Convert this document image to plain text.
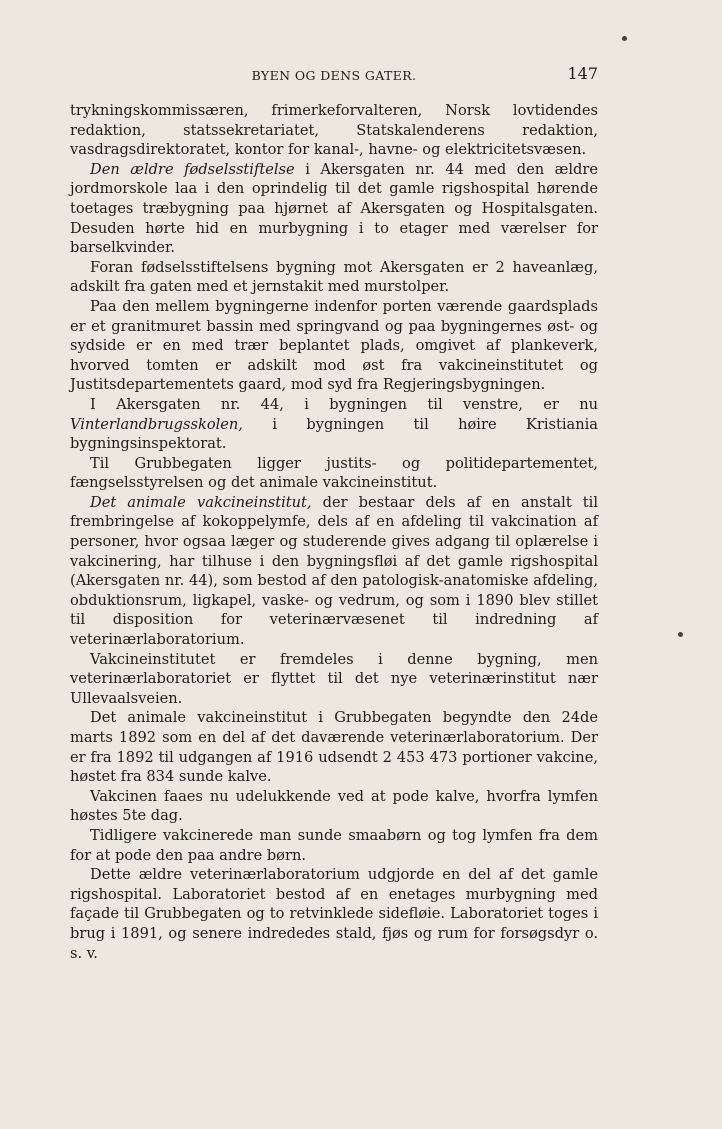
BYEN OG DENS GATER.	147

trykningskommissæren, frimerkeforvalteren, Norsk lovtidendes redaktion, statssekretariatet, Statskalenderens redaktion, vasdragsdirektoratet, kontor for kanal-, havne- og elektricitetsvæsen.

Den ældre fødselsstiftelse i Akersgaten nr. 44 med den ældre jordmorskole laa i den oprindelig til det gamle rigshospital hørende toetages træbygning paa hjørnet af Akersgaten og Hospitalsgaten. Desuden hørte hid en murbygning i to etager med værelser for barselkvinder.

Foran fødselsstiftelsens bygning mot Akersgaten er 2 haveanlæg, adskilt fra gaten med et jernstakit med murstolper.

Paa den mellem bygningerne indenfor porten værende gaardsplads er et granitmuret bassin med springvand og paa bygningernes øst- og sydside er en med trær beplantet plads, omgivet af plankeverk, hvorved tomten er adskilt mod øst fra vakcineinstitutet og Justitsdepartementets gaard, mod syd fra Regjeringsbygningen.

I Akersgaten nr. 44, i bygningen til venstre, er nu Vinterlandbrugsskolen, i bygningen til høire Kristiania bygningsinspektorat.

Til Grubbegaten ligger justits- og politidepartementet, fængselsstyrelsen og det animale vakcineinstitut.

Det animale vakcineinstitut, der bestaar dels af en anstalt til frembringelse af kokoppelymfe, dels af en afdeling til vakcination af personer, hvor ogsaa læger og studerende gives adgang til oplærelse i vakcinering, har tilhuse i den bygningsfløi af det gamle rigshospital (Akersgaten nr. 44), som bestod af den patologisk-anatomiske afdeling, obduktionsrum, ligkapel, vaske- og vedrum, og som i 1890 blev stillet til disposition for veterinærvæsenet til indredning af veterinærlaboratorium.

Vakcineinstitutet er fremdeles i denne bygning, men veterinærlaboratoriet er flyttet til det nye veterinærinstitut nær Ullevaalsveien.

Det animale vakcineinstitut i Grubbegaten begyndte den 24de marts 1892 som en del af det daværende veterinærlaboratorium. Der er fra 1892 til udgangen af 1916 udsendt 2 453 473 portioner vakcine, høstet fra 834 sunde kalve.

Vakcinen faaes nu udelukkende ved at pode kalve, hvorfra lymfen høstes 5te dag.

Tidligere vakcinerede man sunde smaabørn og tog lymfen fra dem for at pode den paa andre børn.

Dette ældre veterinærlaboratorium udgjorde en del af det gamle rigshospital. Laboratoriet bestod af en enetages murbygning med façade til Grubbegaten og to retvinklede sidefløie. Laboratoriet toges i brug i 1891, og senere indrededes stald, fjøs og rum for forsøgsdyr o. s. v.
